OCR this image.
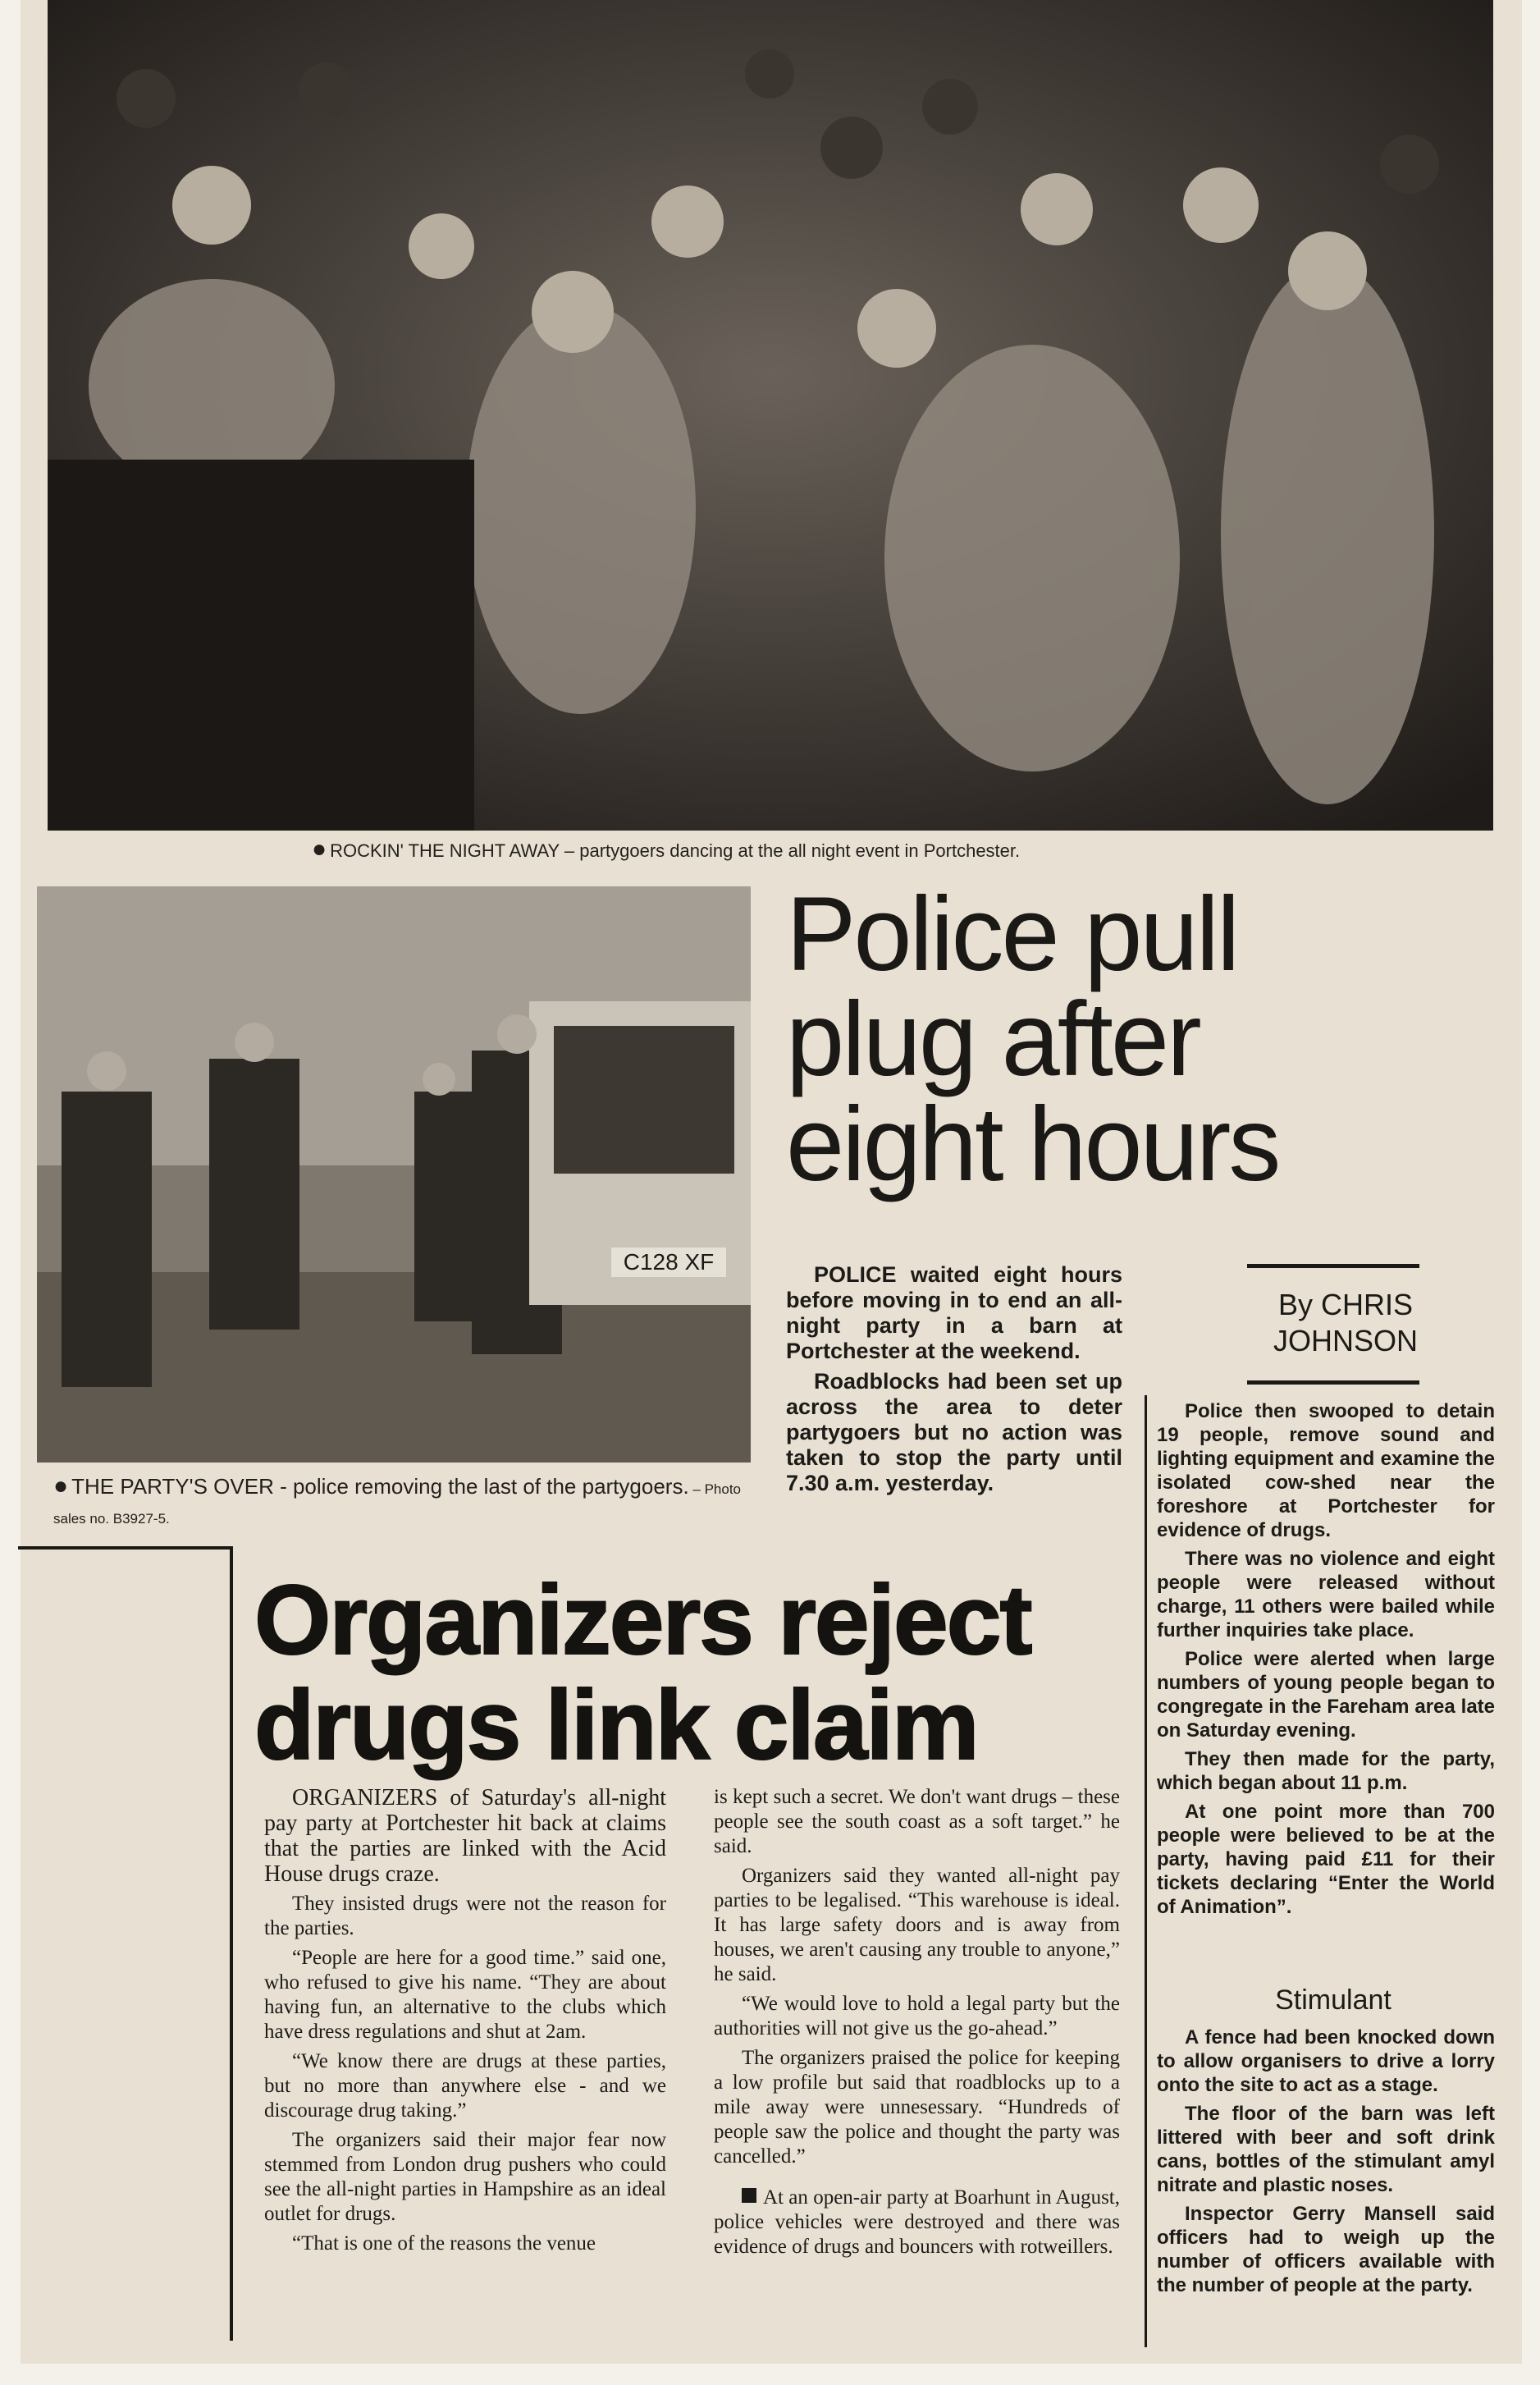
● ROCKIN' THE NIGHT AWAY – partygoers dancing at the all night event in Portchester.
C128 XF
● THE PARTY'S OVER - police removing the last of the partygoers. – Photo sales no. B3927-5.
Police pull plug after eight hours

POLICE waited eight hours before moving in to end an all-night party in a barn at Portchester at the weekend.

Roadblocks had been set up across the area to deter partygoers but no action was taken to stop the party until 7.30 a.m. yesterday.

By CHRIS JOHNSON

Police then swooped to detain 19 people, remove sound and lighting equipment and examine the isolated cow-shed near the foreshore at Portchester for evidence of drugs.

There was no violence and eight people were released without charge, 11 others were bailed while further inquiries take place.

Police were alerted when large numbers of young people began to congregate in the Fareham area late on Saturday evening.

They then made for the party, which began about 11 p.m.

At one point more than 700 people were believed to be at the party, having paid £11 for their tickets declaring “Enter the World of Animation”.

Stimulant

A fence had been knocked down to allow organisers to drive a lorry onto the site to act as a stage.

The floor of the barn was left littered with beer and soft drink cans, bottles of the stimulant amyl nitrate and plastic noses.

Inspector Gerry Mansell said officers had to weigh up the number of officers available with the number of people at the party.

Organizers reject
drugs link claim

ORGANIZERS of Saturday's all-night pay party at Portchester hit back at claims that the parties are linked with the Acid House drugs craze.

They insisted drugs were not the reason for the parties.

“People are here for a good time.” said one, who refused to give his name. “They are about having fun, an alternative to the clubs which have dress regulations and shut at 2am.

“We know there are drugs at these parties, but no more than anywhere else - and we discourage drug taking.”

The organizers said their major fear now stemmed from London drug pushers who could see the all-night parties in Hampshire as an ideal outlet for drugs.

“That is one of the reasons the venue

is kept such a secret. We don't want drugs – these people see the south coast as a soft target.” he said.

Organizers said they wanted all-night pay parties to be legalised. “This warehouse is ideal. It has large safety doors and is away from houses, we aren't causing any trouble to anyone,” he said.

“We would love to hold a legal party but the authorities will not give us the go-ahead.”

The organizers praised the police for keeping a low profile but said that roadblocks up to a mile away were unnesessary. “Hundreds of people saw the police and thought the party was cancelled.”

At an open-air party at Boarhunt in August, police vehicles were destroyed and there was evidence of drugs and bouncers with rotweillers.
